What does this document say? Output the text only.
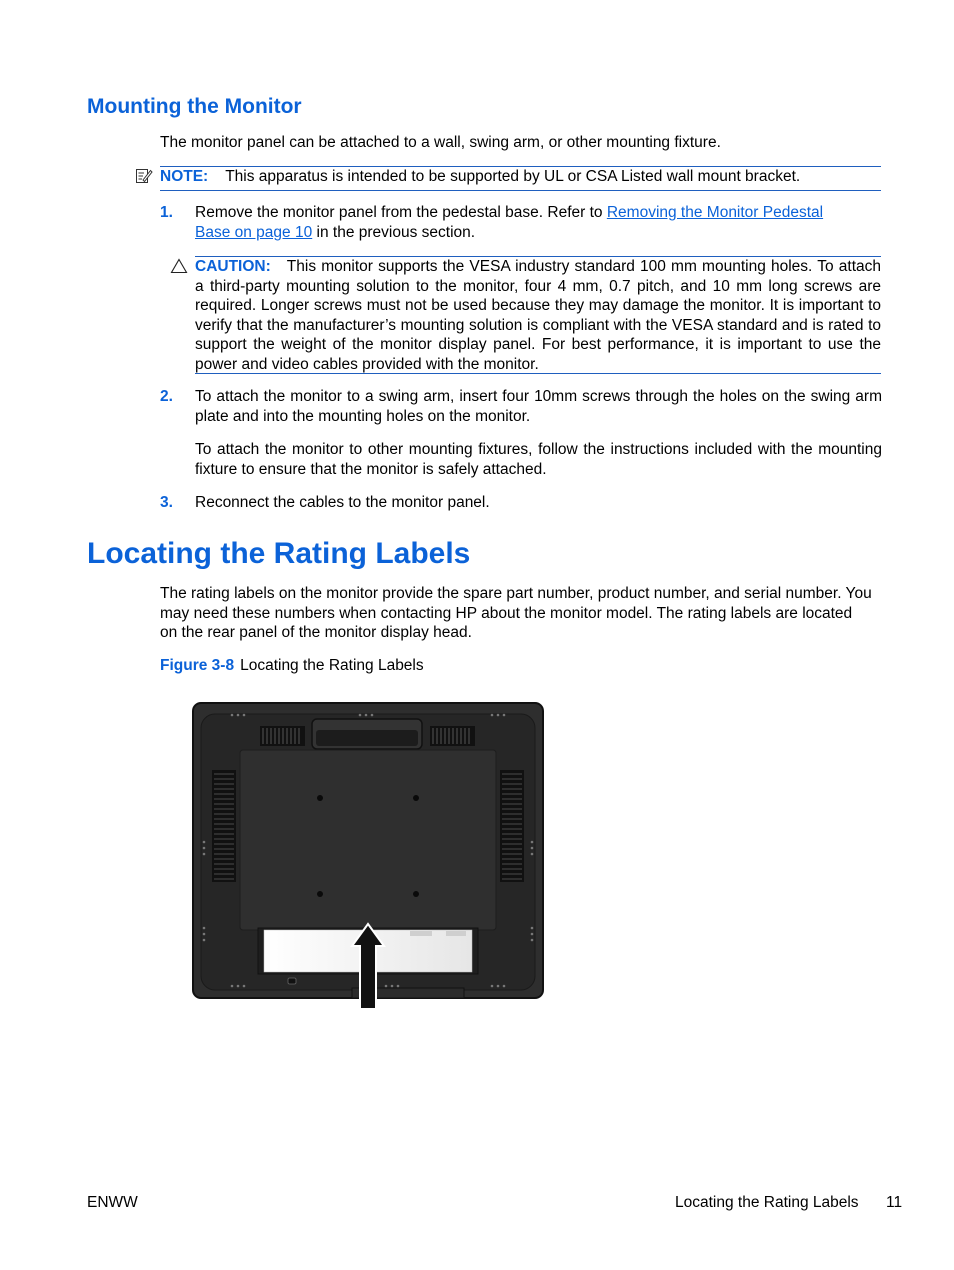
Mounting the Monitor
The monitor panel can be attached to a wall, swing arm, or other mounting fixture.
NOTE: This apparatus is intended to be supported by UL or CSA Listed wall mount bracket.
1. Remove the monitor panel from the pedestal base. Refer to Removing the Monitor Pedestal
Base on page 10 in the previous section.
CAUTION: This monitor supports the VESA industry standard 100 mm mounting holes. To attach a third-party mounting solution to the monitor, four 4 mm, 0.7 pitch, and 10 mm long screws are required. Longer screws must not be used because they may damage the monitor. It is important to verify that the manufacturer’s mounting solution is compliant with the VESA standard and is rated to support the weight of the monitor display panel. For best performance, it is important to use the power and video cables provided with the monitor.
2. To attach the monitor to a swing arm, insert four 10mm screws through the holes on the swing arm plate and into the mounting holes on the monitor.
To attach the monitor to other mounting fixtures, follow the instructions included with the mounting fixture to ensure that the monitor is safely attached.
3. Reconnect the cables to the monitor panel.
Locating the Rating Labels
The rating labels on the monitor provide the spare part number, product number, and serial number. You may need these numbers when contacting HP about the monitor model. The rating labels are located on the rear panel of the monitor display head.
Figure 3-8 Locating the Rating Labels
ENWW	Locating the Rating Labels 11
